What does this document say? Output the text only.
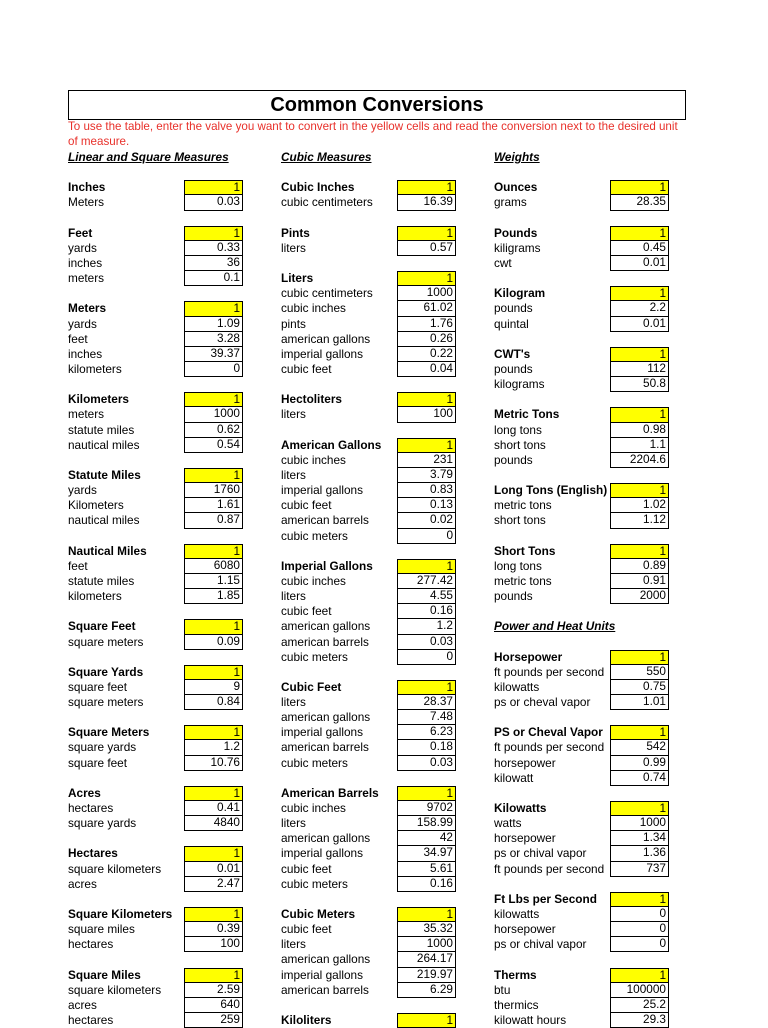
Common Conversions
To use the table, enter the valve you want to convert in the yellow cells and read the conversion next to the desired unit of measure.
Linear and Square Measures
Inches	1
Meters	0.03
Feet	1
yards	0.33
inches	36
meters	0.1
Meters	1
yards	1.09
feet	3.28
inches	39.37
kilometers	0
Kilometers	1
meters	1000
statute miles	0.62
nautical miles	0.54
Statute Miles	1
yards	1760
Kilometers	1.61
nautical miles	0.87
Nautical Miles	1
feet	6080
statute miles	1.15
kilometers	1.85
Square Feet	1
square meters	0.09
Square Yards	1
square feet	9
square meters	0.84
Square Meters	1
square yards	1.2
square feet	10.76
Acres	1
hectares	0.41
square yards	4840
Hectares	1
square kilometers	0.01
acres	2.47
Square Kilometers	1
square miles	0.39
hectares	100
Square Miles	1
square kilometers	2.59
acres	640
hectares	259
Cubic Measures
Cubic Inches	1
cubic centimeters	16.39
Pints	1
liters	0.57
Liters	1
cubic centimeters	1000
cubic inches	61.02
pints	1.76
american gallons	0.26
imperial gallons	0.22
cubic feet	0.04
Hectoliters	1
liters	100
American Gallons	1
cubic inches	231
liters	3.79
imperial gallons	0.83
cubic feet	0.13
american barrels	0.02
cubic meters	0
Imperial Gallons	1
cubic inches	277.42
liters	4.55
cubic feet	0.16
american gallons	1.2
american barrels	0.03
cubic meters	0
Cubic Feet	1
liters	28.37
american gallons	7.48
imperial gallons	6.23
american barrels	0.18
cubic meters	0.03
American Barrels	1
cubic inches	9702
liters	158.99
american gallons	42
imperial gallons	34.97
cubic feet	5.61
cubic meters	0.16
Cubic Meters	1
cubic feet	35.32
liters	1000
american gallons	264.17
imperial gallons	219.97
american barrels	6.29
Kiloliters	1
Weights
Ounces	1
grams	28.35
Pounds	1
kiligrams	0.45
cwt	0.01
Kilogram	1
pounds	2.2
quintal	0.01
CWT's	1
pounds	112
kilograms	50.8
Metric Tons	1
long tons	0.98
short tons	1.1
pounds	2204.6
Long Tons (English)	1
metric tons	1.02
short tons	1.12
Short Tons	1
long tons	0.89
metric tons	0.91
pounds	2000
Power and Heat Units
Horsepower	1
ft pounds per second	550
kilowatts	0.75
ps or cheval vapor	1.01
PS or Cheval Vapor	1
ft pounds per second	542
horsepower	0.99
kilowatt	0.74
Kilowatts	1
watts	1000
horsepower	1.34
ps or chival vapor	1.36
ft pounds per second	737
Ft Lbs per Second	1
kilowatts	0
horsepower	0
ps or chival vapor	0
Therms	1
btu	100000
thermics	25.2
kilowatt hours	29.3
